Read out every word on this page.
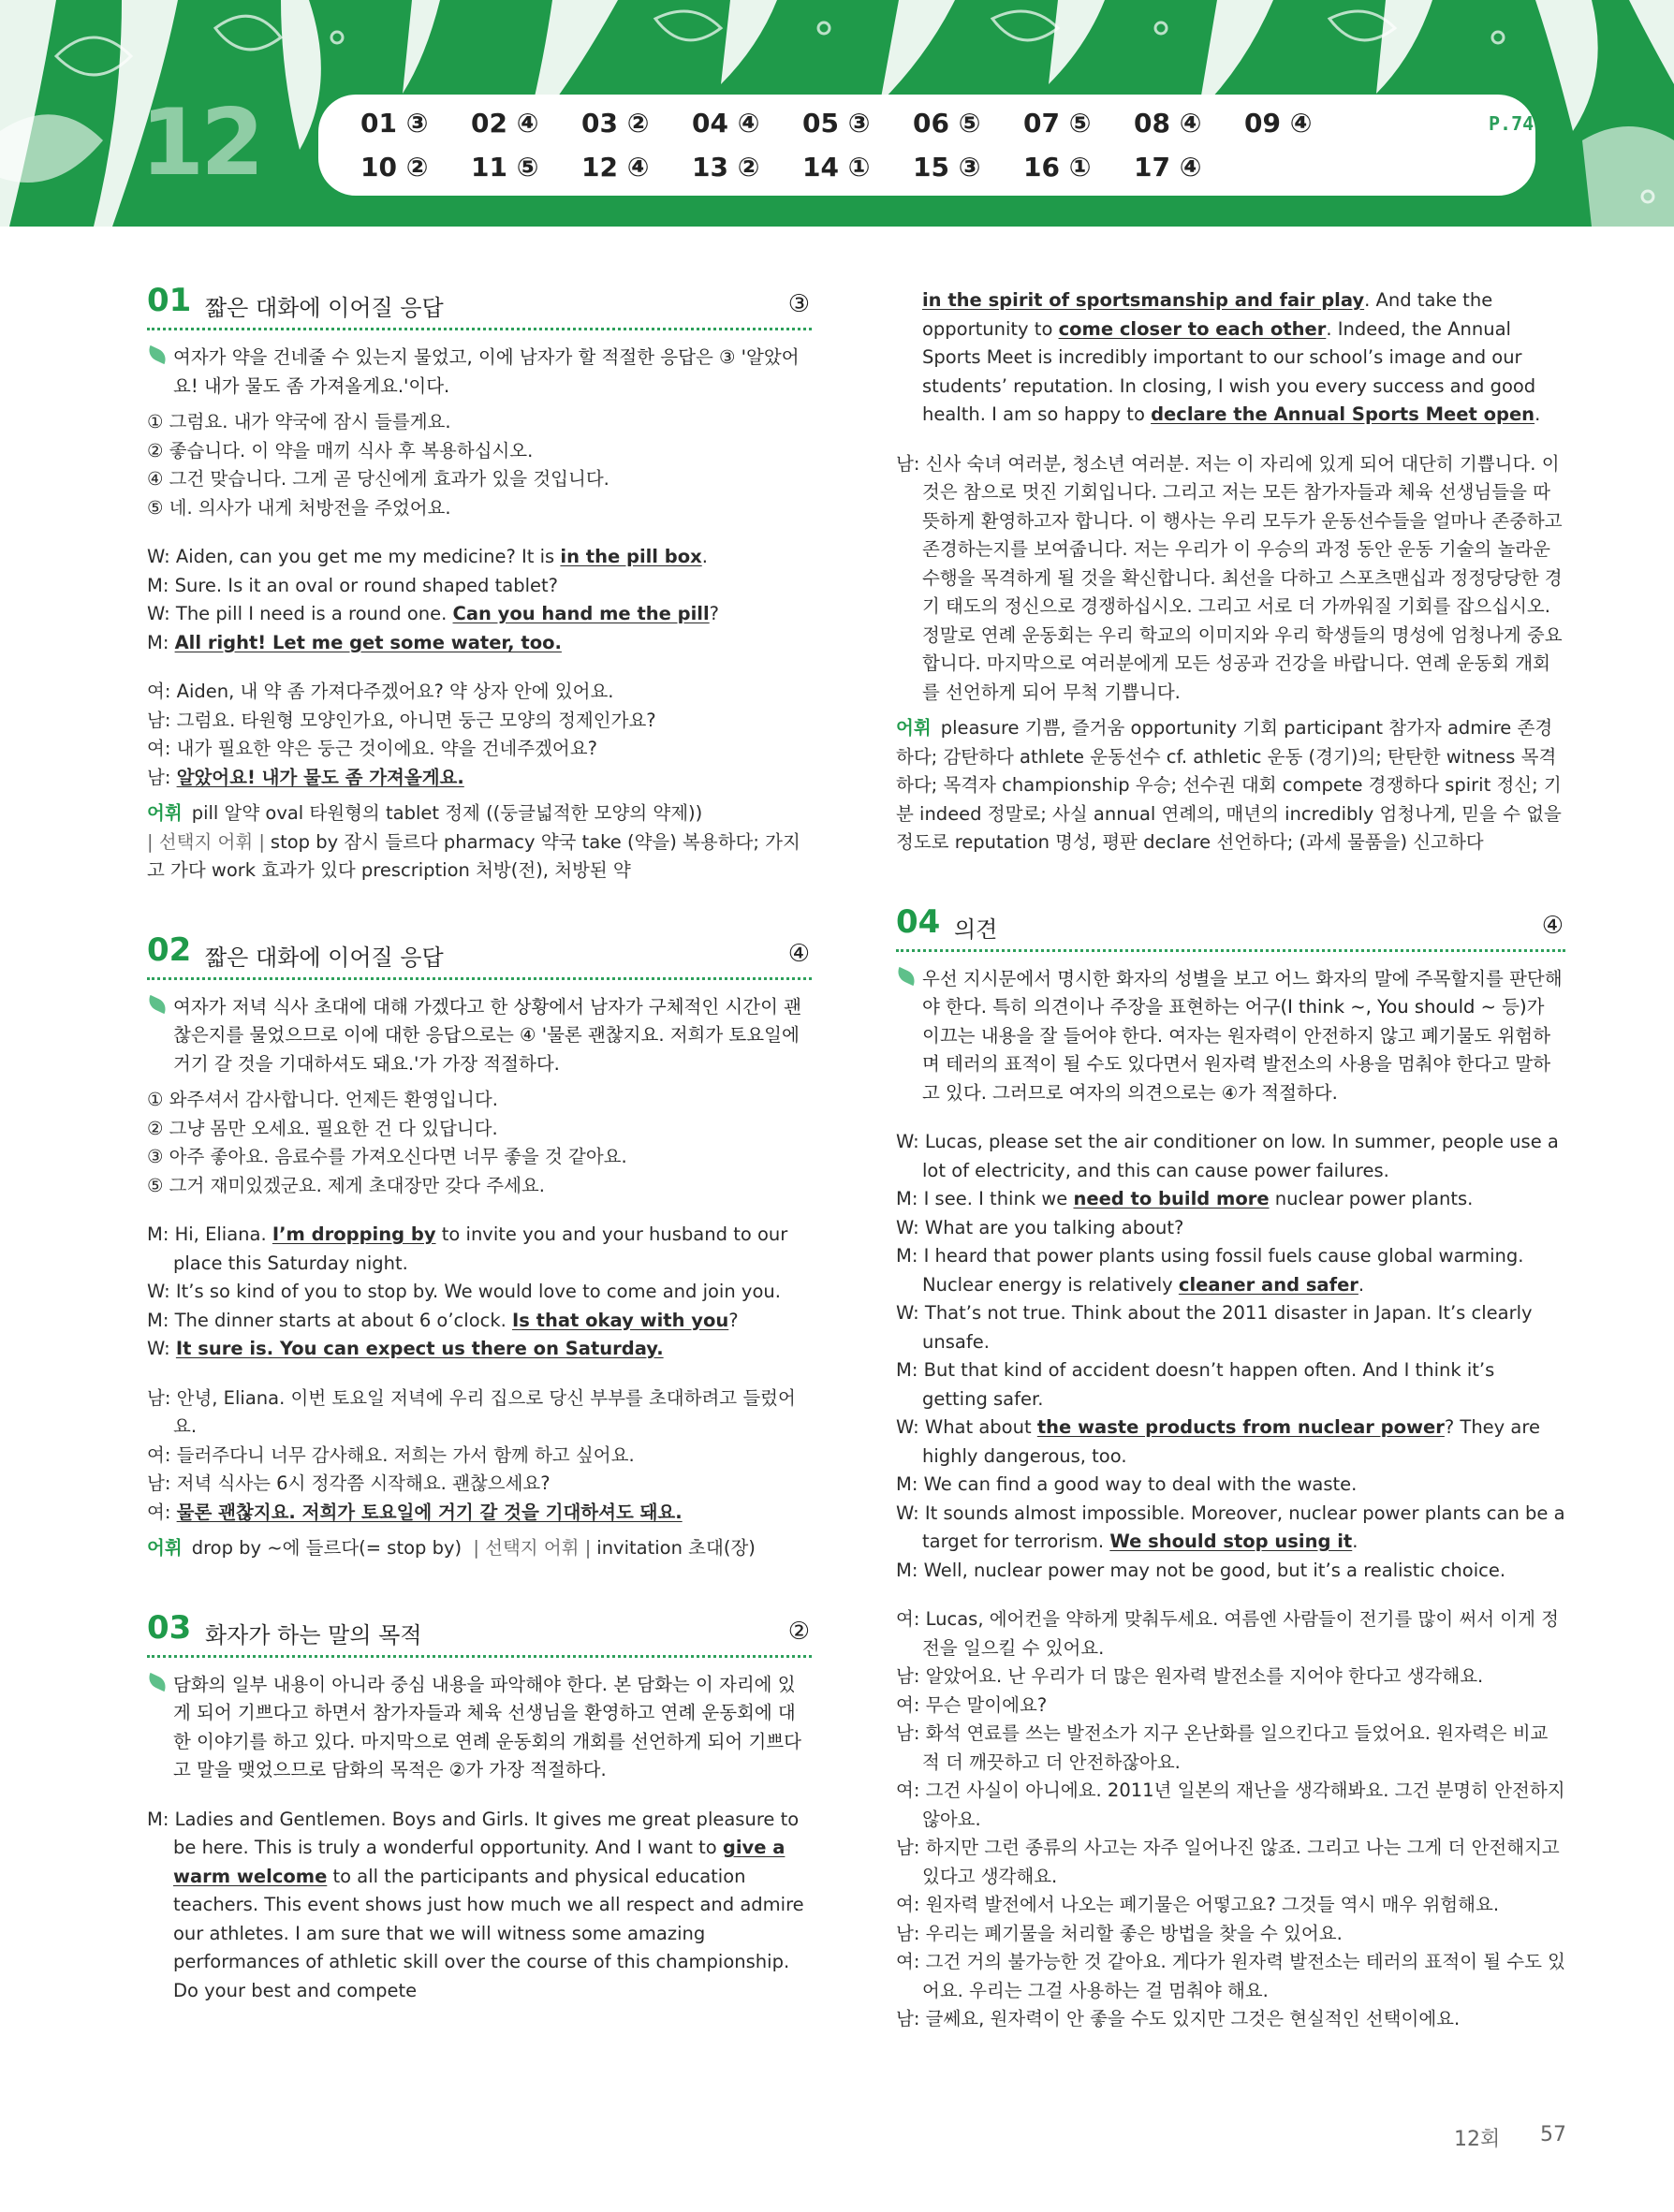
12	01 ③ 02 ④ 03 ② 04 ④ 05 ③ 06 ⑤ 07 ⑤ 08 ④ 09 ④
10 ② 11 ⑤ 12 ④ 13 ② 14 ① 15 ③ 16 ① 17 ④
P.74
01 짧은 대화에 이어질 응답	③
여자가 약을 건네줄 수 있는지 물었고, 이에 남자가 할 적절한 응답은 ③ '알았어요! 내가 물도 좀 가져올게요.'이다.
① 그럼요. 내가 약국에 잠시 들를게요.
② 좋습니다. 이 약을 매끼 식사 후 복용하십시오.
④ 그건 맞습니다. 그게 곧 당신에게 효과가 있을 것입니다.
⑤ 네. 의사가 내게 처방전을 주었어요.
W: Aiden, can you get me my medicine? It is in the pill box.
M: Sure. Is it an oval or round shaped tablet?
W: The pill I need is a round one. Can you hand me the pill?
M: All right! Let me get some water, too.
여: Aiden, 내 약 좀 가져다주겠어요? 약 상자 안에 있어요.
남: 그럼요. 타원형 모양인가요, 아니면 둥근 모양의 정제인가요?
여: 내가 필요한 약은 둥근 것이에요. 약을 건네주겠어요?
남: 알았어요! 내가 물도 좀 가져올게요.
어휘 pill 알약 oval 타원형의 tablet 정제 ((둥글넓적한 모양의 약제))
| 선택지 어휘 | stop by 잠시 들르다 pharmacy 약국 take (약을) 복용하다; 가지고 가다 work 효과가 있다 prescription 처방(전), 처방된 약
02 짧은 대화에 이어질 응답	④
여자가 저녁 식사 초대에 대해 가겠다고 한 상황에서 남자가 구체적인 시간이 괜찮은지를 물었으므로 이에 대한 응답으로는 ④ '물론 괜찮지요. 저희가 토요일에 거기 갈 것을 기대하셔도 돼요.'가 가장 적절하다.
① 와주셔서 감사합니다. 언제든 환영입니다.
② 그냥 몸만 오세요. 필요한 건 다 있답니다.
③ 아주 좋아요. 음료수를 가져오신다면 너무 좋을 것 같아요.
⑤ 그거 재미있겠군요. 제게 초대장만 갖다 주세요.
M: Hi, Eliana. I’m dropping by to invite you and your husband to our place this Saturday night.
W: It’s so kind of you to stop by. We would love to come and join you.
M: The dinner starts at about 6 o’clock. Is that okay with you?
W: It sure is. You can expect us there on Saturday.
남: 안녕, Eliana. 이번 토요일 저녁에 우리 집으로 당신 부부를 초대하려고 들렀어요.
여: 들러주다니 너무 감사해요. 저희는 가서 함께 하고 싶어요.
남: 저녁 식사는 6시 정각쯤 시작해요. 괜찮으세요?
여: 물론 괜찮지요. 저희가 토요일에 거기 갈 것을 기대하셔도 돼요.
어휘 drop by ~에 들르다(= stop by) | 선택지 어휘 | invitation 초대(장)
03 화자가 하는 말의 목적	②
담화의 일부 내용이 아니라 중심 내용을 파악해야 한다. 본 담화는 이 자리에 있게 되어 기쁘다고 하면서 참가자들과 체육 선생님을 환영하고 연례 운동회에 대한 이야기를 하고 있다. 마지막으로 연례 운동회의 개회를 선언하게 되어 기쁘다고 말을 맺었으므로 담화의 목적은 ②가 가장 적절하다.
M: Ladies and Gentlemen. Boys and Girls. It gives me great pleasure to be here. This is truly a wonderful opportunity. And I want to give a warm welcome to all the participants and physical education teachers. This event shows just how much we all respect and admire our athletes. I am sure that we will witness some amazing performances of athletic skill over the course of this championship. Do your best and compete
in the spirit of sportsmanship and fair play. And take the opportunity to come closer to each other. Indeed, the Annual Sports Meet is incredibly important to our school’s image and our students’ reputation. In closing, I wish you every success and good health. I am so happy to declare the Annual Sports Meet open.
남: 신사 숙녀 여러분, 청소년 여러분. 저는 이 자리에 있게 되어 대단히 기쁩니다. 이것은 참으로 멋진 기회입니다. 그리고 저는 모든 참가자들과 체육 선생님들을 따뜻하게 환영하고자 합니다. 이 행사는 우리 모두가 운동선수들을 얼마나 존중하고 존경하는지를 보여줍니다. 저는 우리가 이 우승의 과정 동안 운동 기술의 놀라운 수행을 목격하게 될 것을 확신합니다. 최선을 다하고 스포츠맨십과 정정당당한 경기 태도의 정신으로 경쟁하십시오. 그리고 서로 더 가까워질 기회를 잡으십시오. 정말로 연례 운동회는 우리 학교의 이미지와 우리 학생들의 명성에 엄청나게 중요합니다. 마지막으로 여러분에게 모든 성공과 건강을 바랍니다. 연례 운동회 개회를 선언하게 되어 무척 기쁩니다.
어휘 pleasure 기쁨, 즐거움 opportunity 기회 participant 참가자 admire 존경하다; 감탄하다 athlete 운동선수 cf. athletic 운동 (경기)의; 탄탄한 witness 목격하다; 목격자 championship 우승; 선수권 대회 compete 경쟁하다 spirit 정신; 기분 indeed 정말로; 사실 annual 연례의, 매년의 incredibly 엄청나게, 믿을 수 없을 정도로 reputation 명성, 평판 declare 선언하다; (과세 물품을) 신고하다
04 의견	④
우선 지시문에서 명시한 화자의 성별을 보고 어느 화자의 말에 주목할지를 판단해야 한다. 특히 의견이나 주장을 표현하는 어구(I think ~, You should ~ 등)가 이끄는 내용을 잘 들어야 한다. 여자는 원자력이 안전하지 않고 폐기물도 위험하며 테러의 표적이 될 수도 있다면서 원자력 발전소의 사용을 멈춰야 한다고 말하고 있다. 그러므로 여자의 의견으로는 ④가 적절하다.
W: Lucas, please set the air conditioner on low. In summer, people use a lot of electricity, and this can cause power failures.
M: I see. I think we need to build more nuclear power plants.
W: What are you talking about?
M: I heard that power plants using fossil fuels cause global warming. Nuclear energy is relatively cleaner and safer.
W: That’s not true. Think about the 2011 disaster in Japan. It’s clearly unsafe.
M: But that kind of accident doesn’t happen often. And I think it’s getting safer.
W: What about the waste products from nuclear power? They are highly dangerous, too.
M: We can find a good way to deal with the waste.
W: It sounds almost impossible. Moreover, nuclear power plants can be a target for terrorism. We should stop using it.
M: Well, nuclear power may not be good, but it’s a realistic choice.
여: Lucas, 에어컨을 약하게 맞춰두세요. 여름엔 사람들이 전기를 많이 써서 이게 정전을 일으킬 수 있어요.
남: 알았어요. 난 우리가 더 많은 원자력 발전소를 지어야 한다고 생각해요.
여: 무슨 말이에요?
남: 화석 연료를 쓰는 발전소가 지구 온난화를 일으킨다고 들었어요. 원자력은 비교적 더 깨끗하고 더 안전하잖아요.
여: 그건 사실이 아니에요. 2011년 일본의 재난을 생각해봐요. 그건 분명히 안전하지 않아요.
남: 하지만 그런 종류의 사고는 자주 일어나진 않죠. 그리고 나는 그게 더 안전해지고 있다고 생각해요.
여: 원자력 발전에서 나오는 폐기물은 어떻고요? 그것들 역시 매우 위험해요.
남: 우리는 폐기물을 처리할 좋은 방법을 찾을 수 있어요.
여: 그건 거의 불가능한 것 같아요. 게다가 원자력 발전소는 테러의 표적이 될 수도 있어요. 우리는 그걸 사용하는 걸 멈춰야 해요.
남: 글쎄요, 원자력이 안 좋을 수도 있지만 그것은 현실적인 선택이에요.
12회 57
